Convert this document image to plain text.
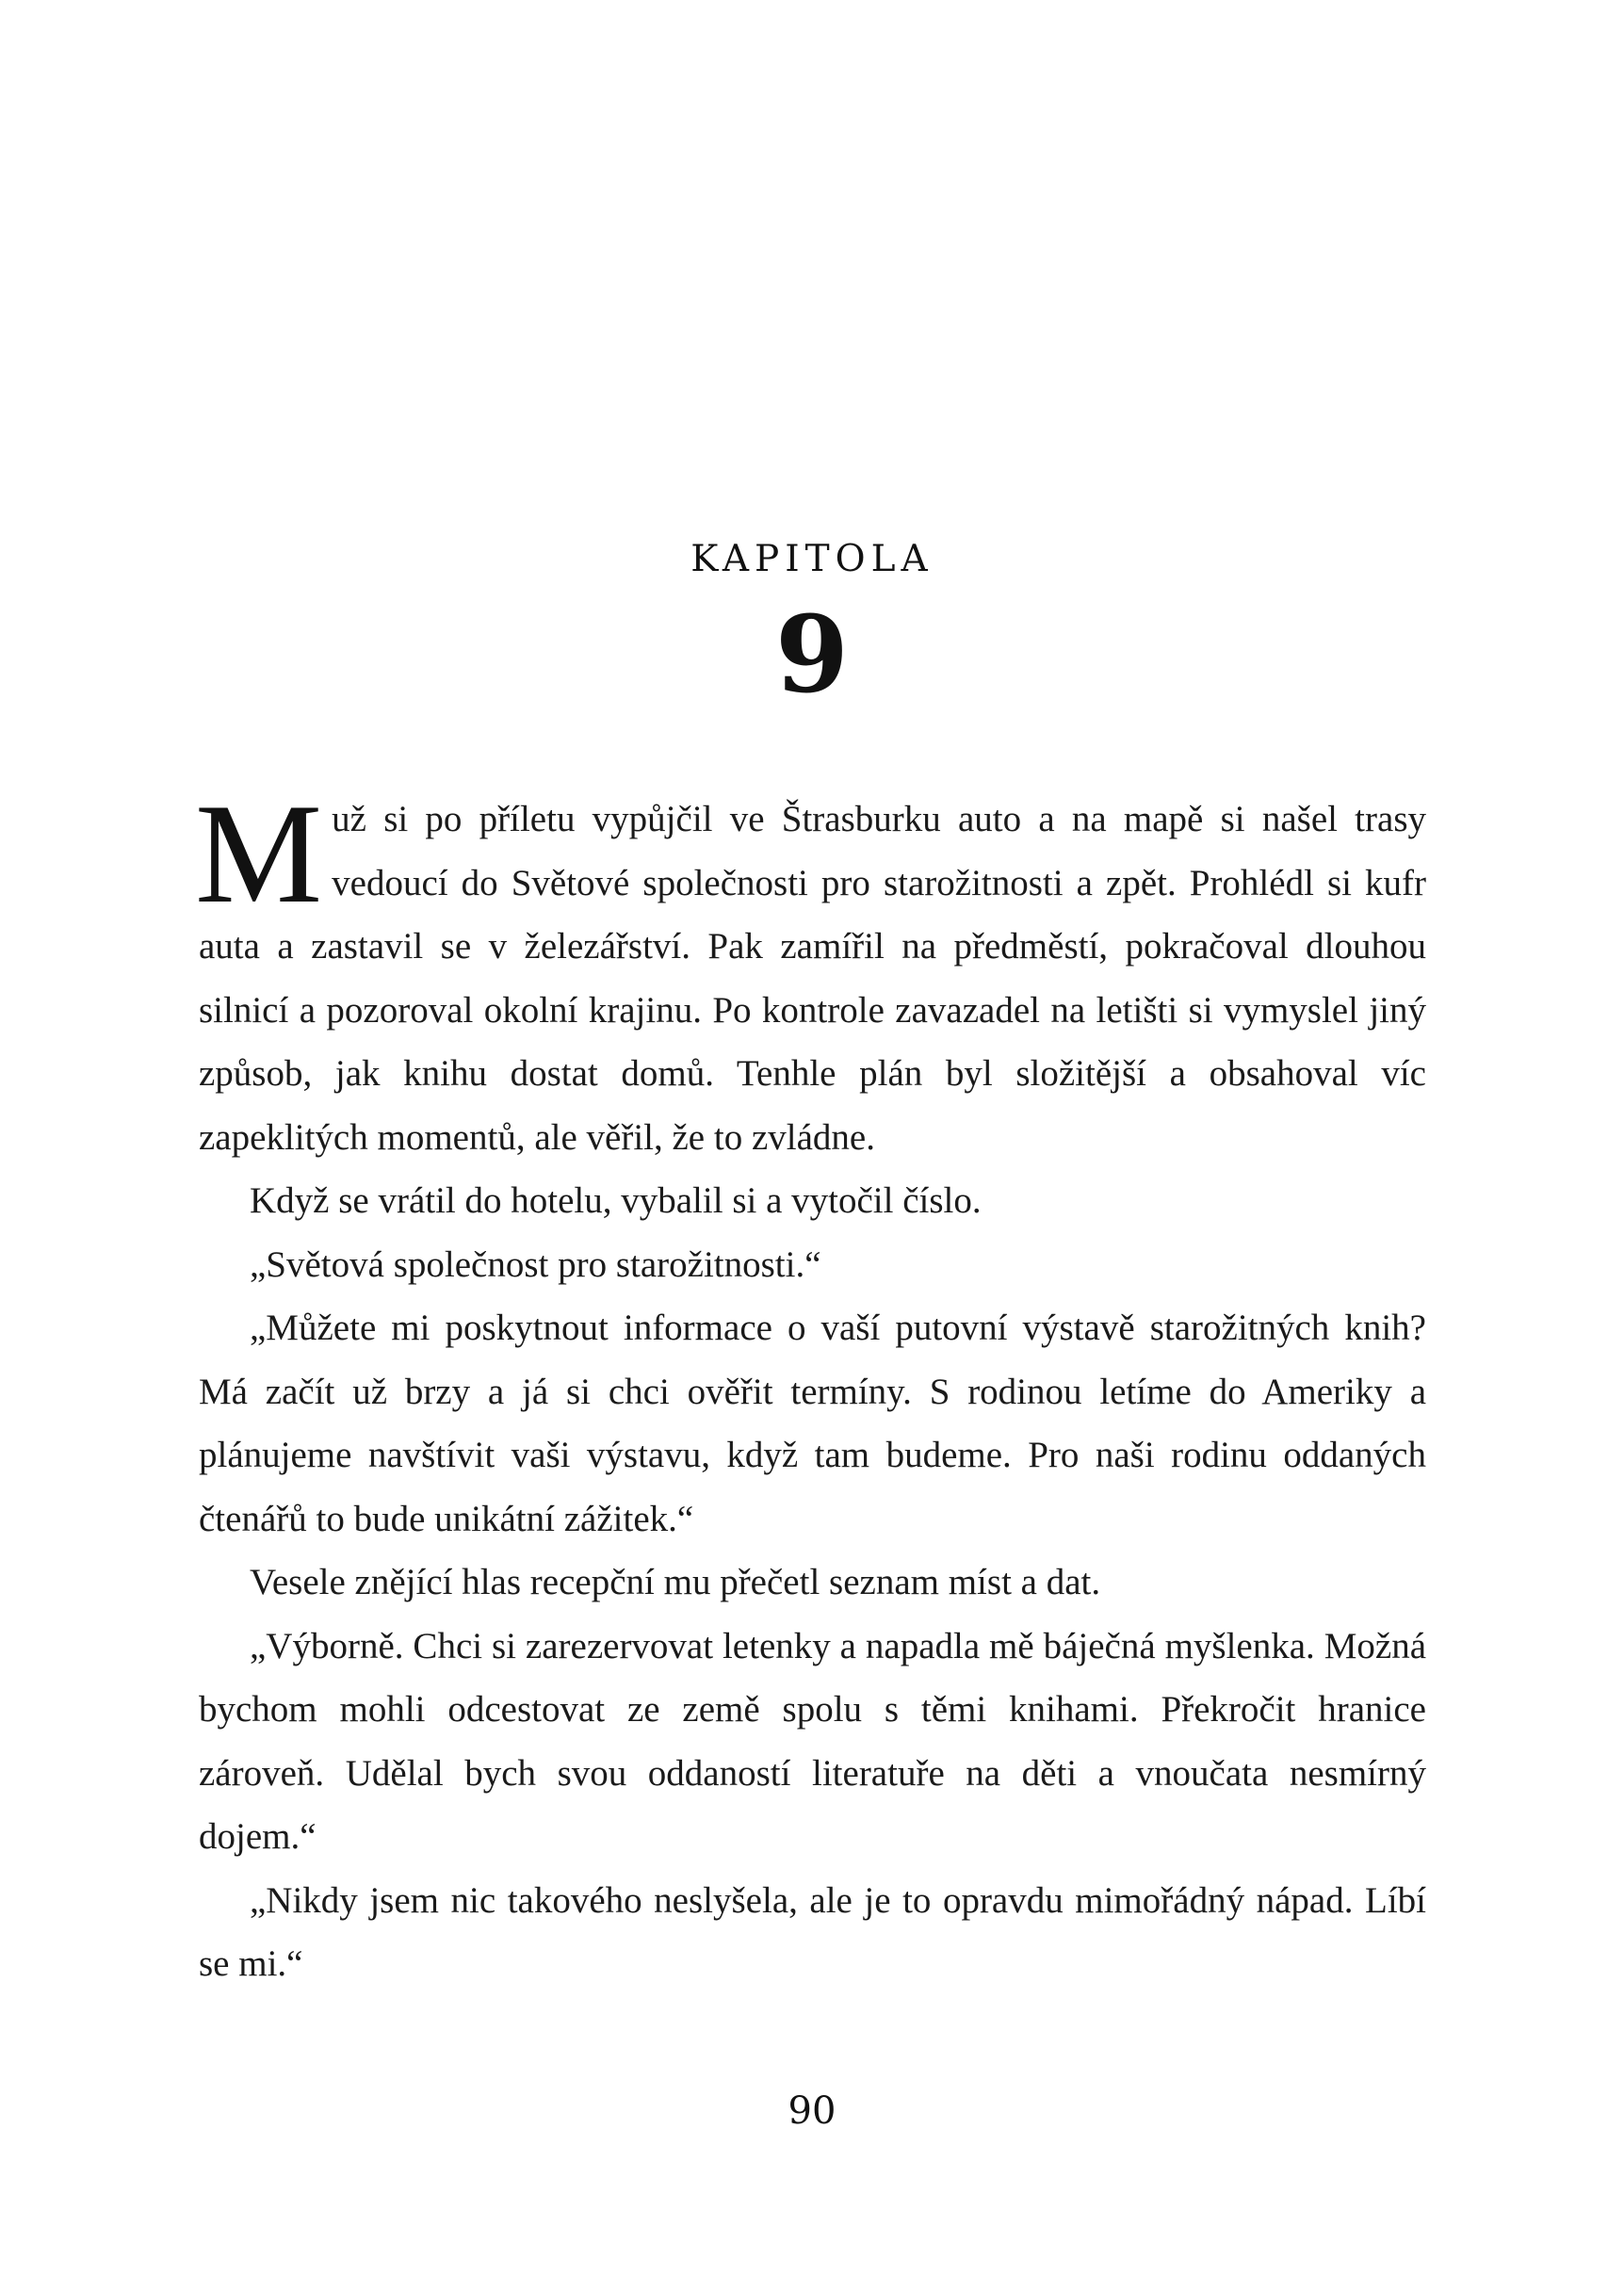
kapitola
9

Muž si po příletu vypůjčil ve Štrasburku auto a na mapě si našel trasy vedoucí do Světové společnosti pro starožitnosti a zpět. Prohlédl si kufr auta a zastavil se v železářství. Pak zamířil na předměstí, pokračoval dlouhou silnicí a pozoroval okolní krajinu. Po kontrole zavazadel na letišti si vymyslel jiný způsob, jak knihu dostat domů. Tenhle plán byl složitější a obsahoval víc zapeklitých momentů, ale věřil, že to zvládne.

Když se vrátil do hotelu, vybalil si a vytočil číslo.

„Světová společnost pro starožitnosti.“

„Můžete mi poskytnout informace o vaší putovní výstavě starožitných knih? Má začít už brzy a já si chci ověřit termíny. S rodinou letíme do Ameriky a plánujeme navštívit vaši výstavu, když tam budeme. Pro naši rodinu oddaných čtenářů to bude unikátní zážitek.“

Vesele znějící hlas recepční mu přečetl seznam míst a dat.

„Výborně. Chci si zarezervovat letenky a napadla mě báječná myšlenka. Možná bychom mohli odcestovat ze země spolu s těmi knihami. Překročit hranice zároveň. Udělal bych svou oddaností literatuře na děti a vnoučata nesmírný dojem.“

„Nikdy jsem nic takového neslyšela, ale je to opravdu mimořádný nápad. Líbí se mi.“

90
